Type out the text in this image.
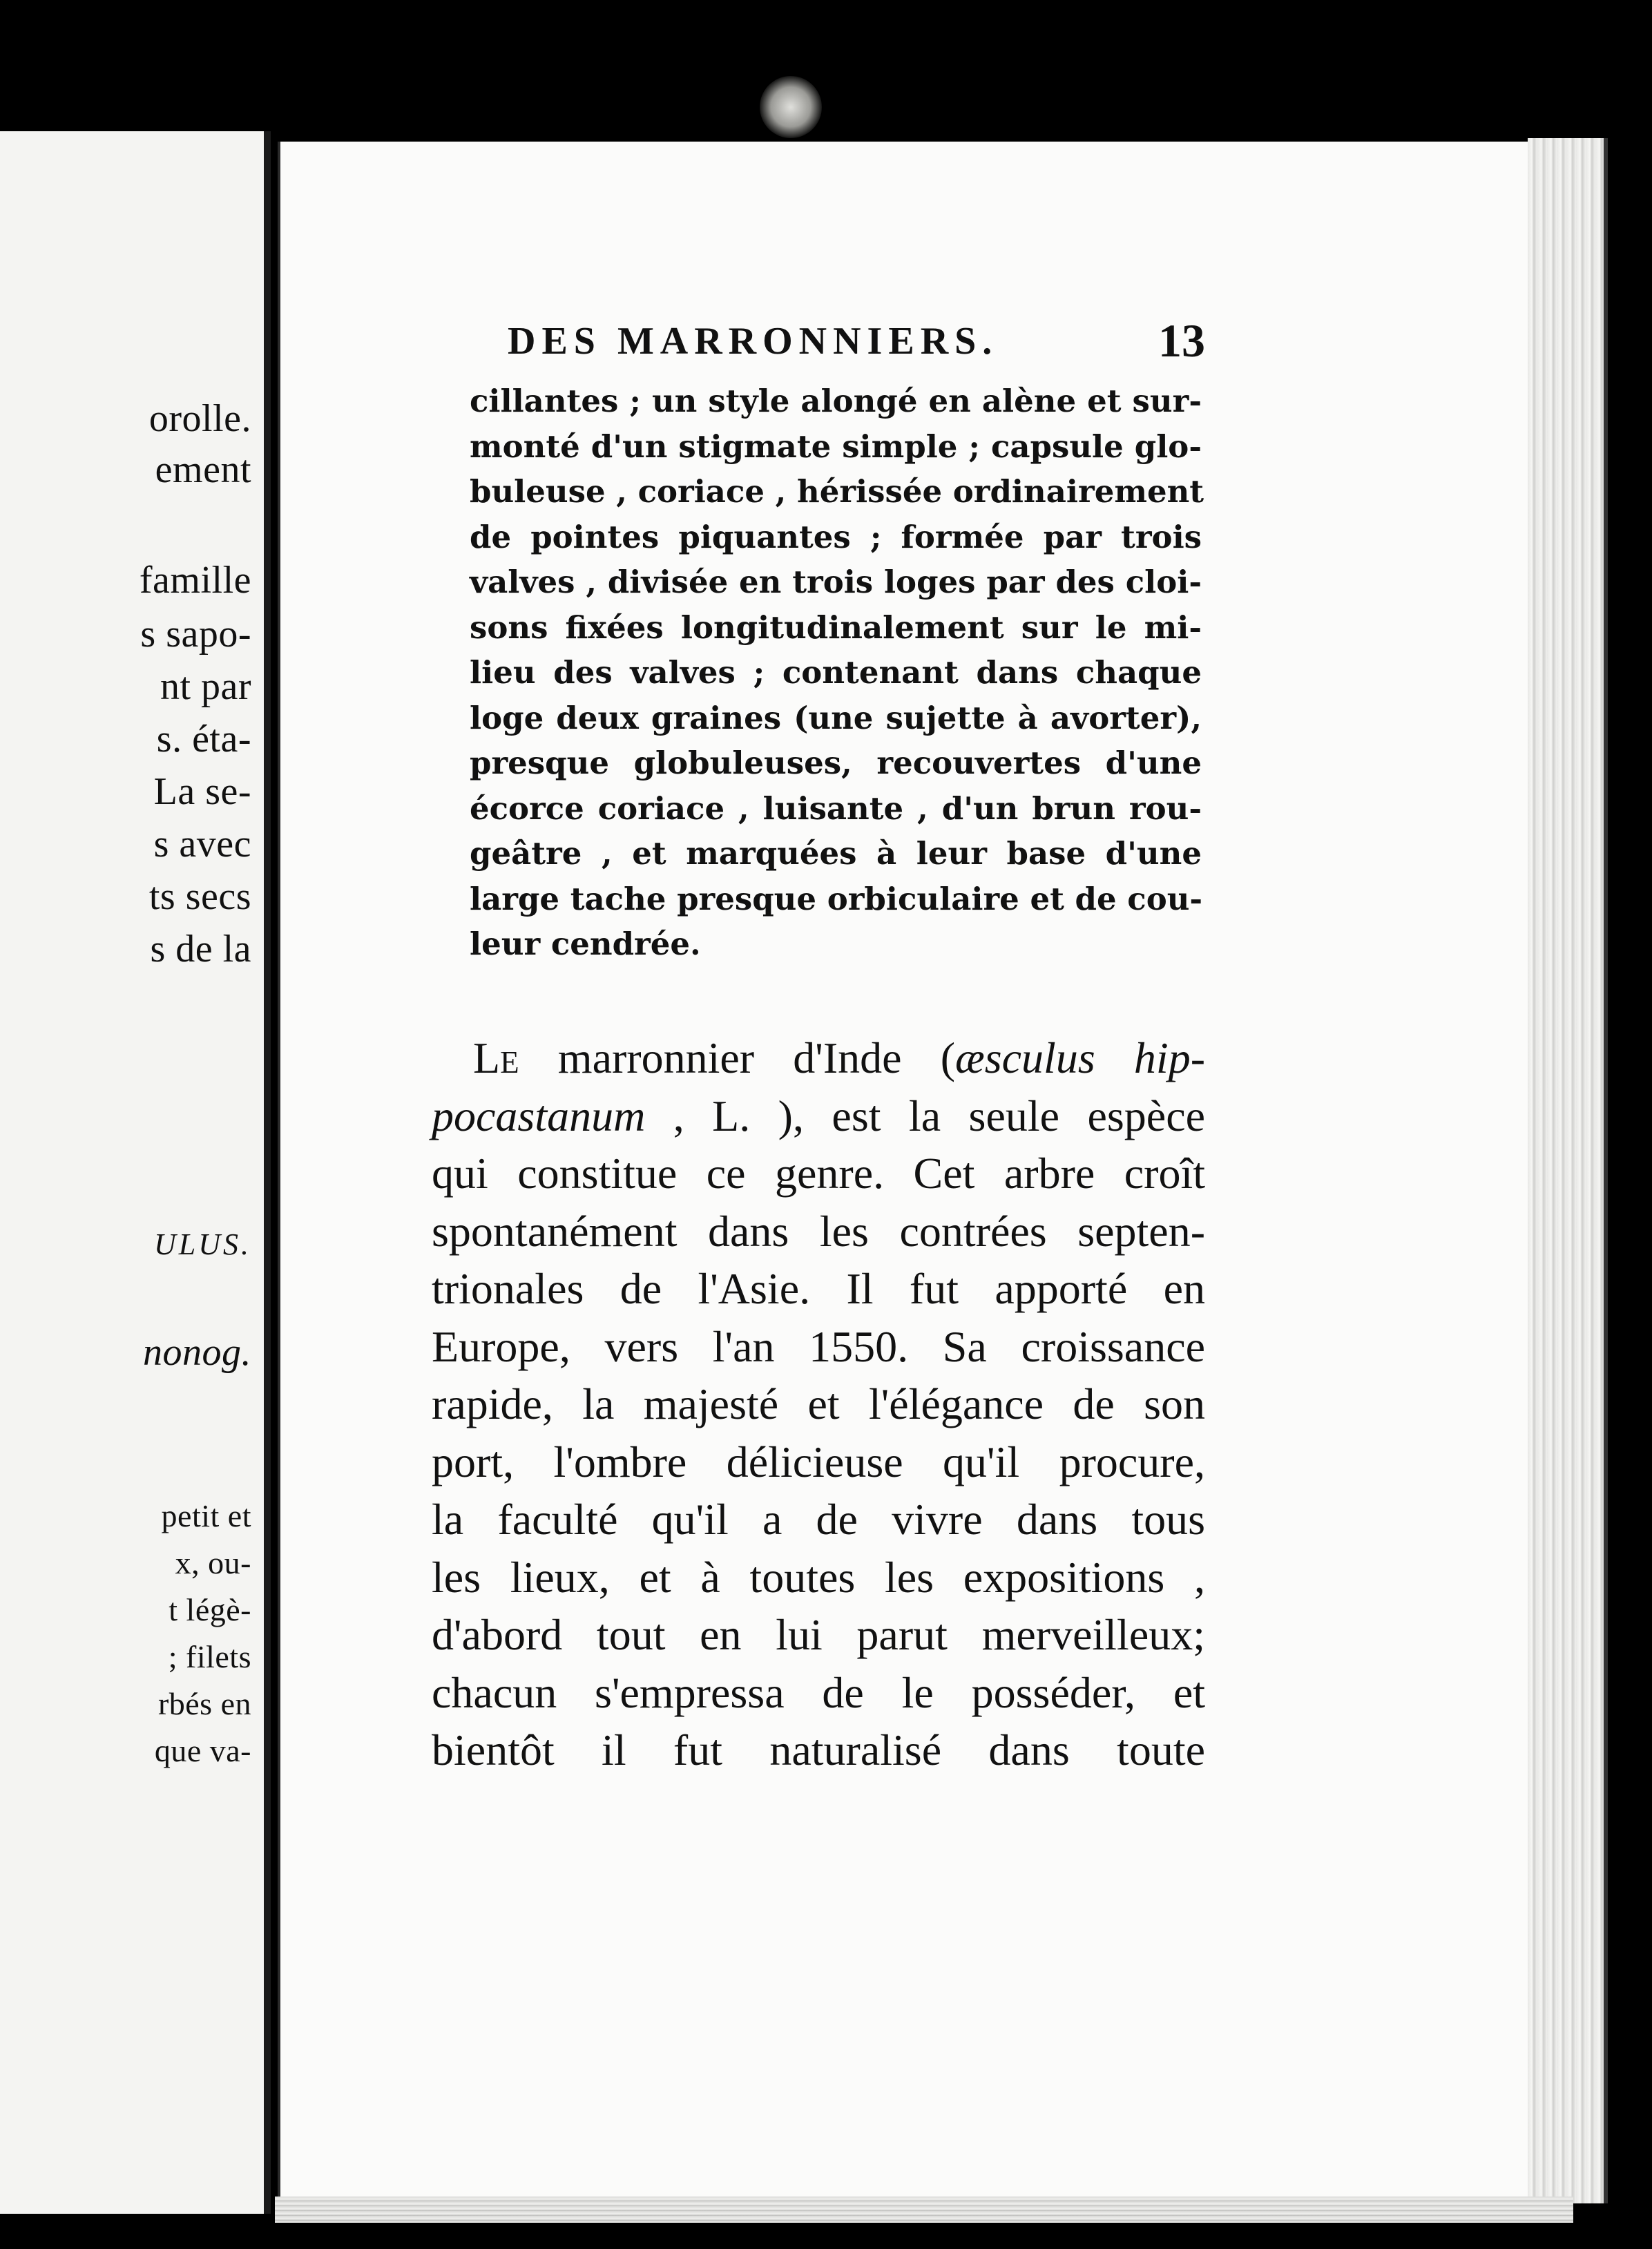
orolle.
ement
famille
s sapo-
nt par
s. éta-
La se-
s avec
ts secs
s de la
ULUS.
nonog.
petit et
x, ou-
t légè-
; filets
rbés en
que va-
DES MARRONNIERS.	13
cillantes ; un style alongé en alène et sur-
monté d'un stigmate simple ; capsule glo-
buleuse , coriace , hérissée ordinairement
de pointes piquantes ; formée par trois
valves , divisée en trois loges par des cloi-
sons fixées longitudinalement sur le mi-
lieu des valves ; contenant dans chaque
loge deux graines (une sujette à avorter),
presque globuleuses, recouvertes d'une
écorce coriace , luisante , d'un brun rou-
geâtre , et marquées à leur base d'une
large tache presque orbiculaire et de cou-
leur cendrée.
Le marronnier d'Inde (æsculus hip-
pocastanum , L. ), est la seule espèce
qui constitue ce genre. Cet arbre croît
spontanément dans les contrées septen-
trionales de l'Asie. Il fut apporté en
Europe, vers l'an 1550. Sa croissance
rapide, la majesté et l'élégance de son
port, l'ombre délicieuse qu'il procure,
la faculté qu'il a de vivre dans tous
les lieux, et à toutes les expositions ,
d'abord tout en lui parut merveilleux;
chacun s'empressa de le posséder, et
bientôt il fut naturalisé dans toute
